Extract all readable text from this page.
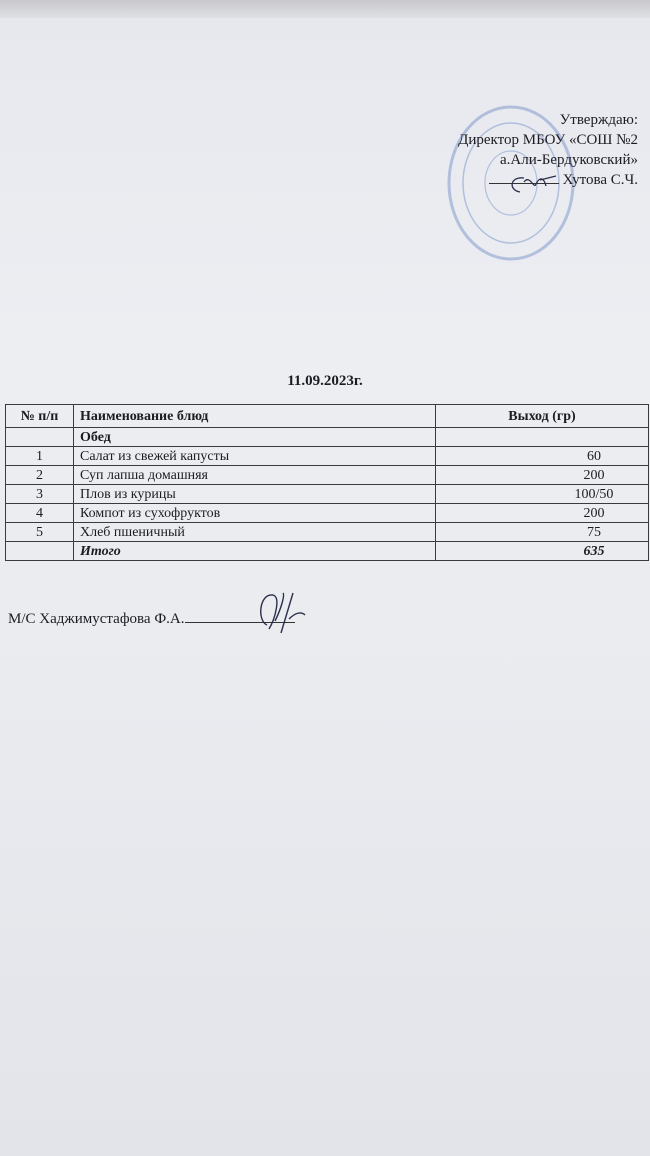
Утверждаю:
Директор МБОУ «СОШ №2
а.Али-Бердуковский»
Хутова С.Ч.
11.09.2023г.
№ п/п	Наименование блюд	Выход (гр)
	Обед	
1	Салат из свежей капусты	60
2	Суп лапша домашняя	200
3	Плов из курицы	100/50
4	Компот из сухофруктов	200
5	Хлеб пшеничный	75
	Итого	635
М/С Хаджимустафова Ф.А.
